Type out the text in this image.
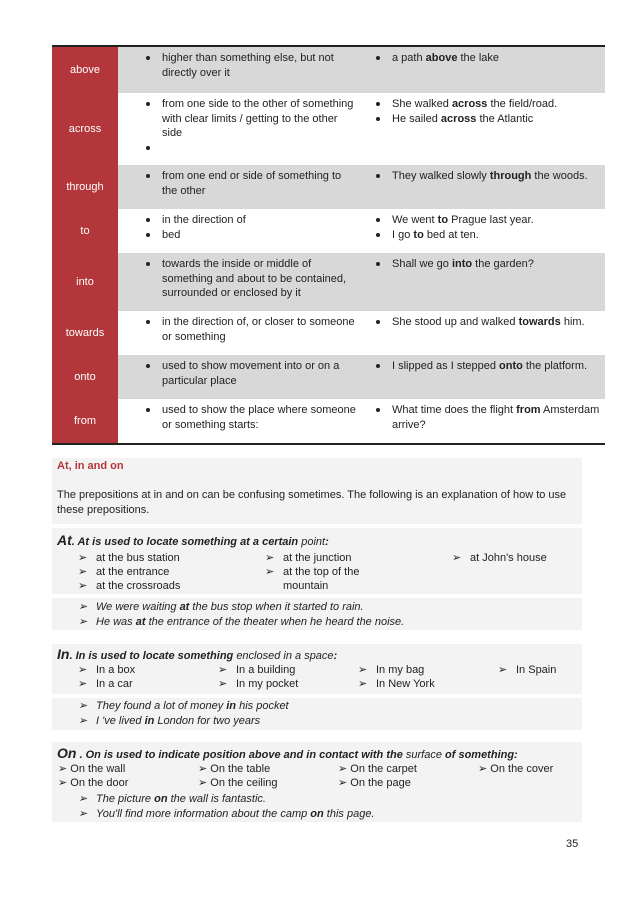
above
higher than something else, but not directly over it
a path above the lake
across
from one side to the other of something with clear limits / getting to the other side
She walked across the field/road.
He sailed across the Atlantic
through
from one end or side of something to the other
They walked slowly through the woods.
to
in the direction of
bed
We went to Prague last year.
I go to bed at ten.
into
towards the inside or middle of something and about to be contained, surrounded or enclosed by it
Shall we go into the garden?
towards
in the direction of, or closer to someone or something
She stood up and walked towards him.
onto
used to show movement into or on a particular place
I slipped as I stepped onto the platform.
from
used to show the place where someone or something starts:
What time does the flight from Amsterdam arrive?
At, in and on
The prepositions at in and on can be confusing sometimes. The following is an explanation of how to use these prepositions.
At. At is used to locate something at a certain point:
➢ at the bus station
➢ at the entrance
➢ at the crossroads
➢ at the junction
➢ at the top of the
mountain
➢ at John's house
➢ We were waiting at the bus stop when it started to rain.
➢ He was at the entrance of the theater when he heard the noise.
In. In is used to locate something enclosed in a space:
➢ In a box
➢ In a car
➢ In a building
➢ In my pocket
➢ In my bag
➢ In New York
➢ In Spain
➢ They found a lot of money in his pocket
➢ I 've lived in London for two years
On . On is used to indicate position above and in contact with the surface of something:
➢ On the wall
➢ On the door
➢ On the table
➢ On the ceiling
➢ On the carpet
➢ On the page
➢ On the cover
➢ The picture on the wall is fantastic.
➢ You'll find more information about the camp on this page.
35
